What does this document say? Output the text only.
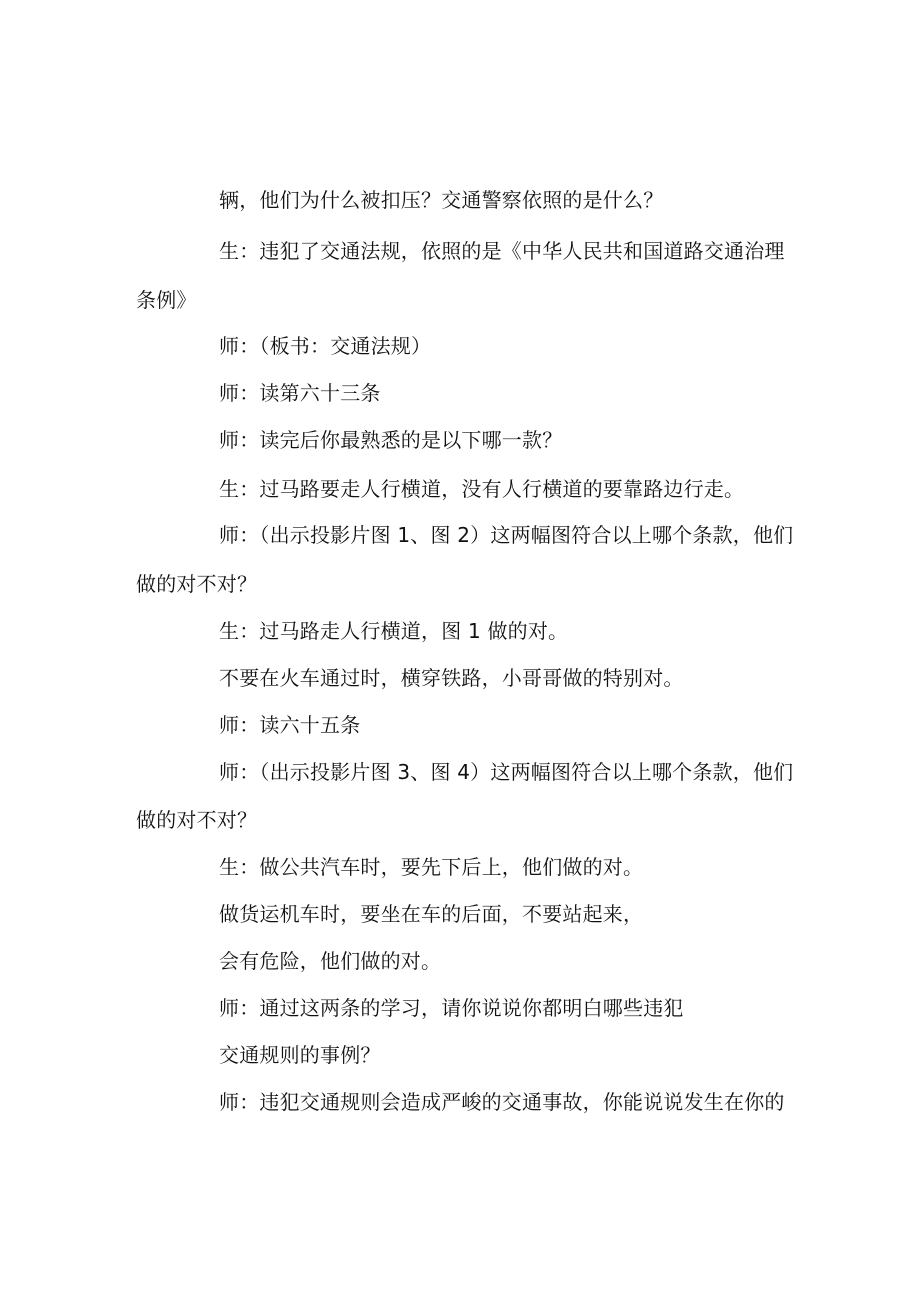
辆，他们为什么被扣压？交通警察依照的是什么？
生：违犯了交通法规，依照的是《中华人民共和国道路交通治理
条例》
师：（板书：交通法规）
师：读第六十三条
师：读完后你最熟悉的是以下哪一款？
生：过马路要走人行横道，没有人行横道的要靠路边行走。
师：（出示投影片图 1、图 2）这两幅图符合以上哪个条款，他们
做的对不对？
生：过马路走人行横道，图 1 做的对。
不要在火车通过时，横穿铁路，小哥哥做的特别对。
师：读六十五条
师：（出示投影片图 3、图 4）这两幅图符合以上哪个条款，他们
做的对不对？
生：做公共汽车时，要先下后上，他们做的对。
做货运机车时，要坐在车的后面，不要站起来，
会有危险，他们做的对。
师：通过这两条的学习，请你说说你都明白哪些违犯
交通规则的事例？
师：违犯交通规则会造成严峻的交通事故，你能说说发生在你的
